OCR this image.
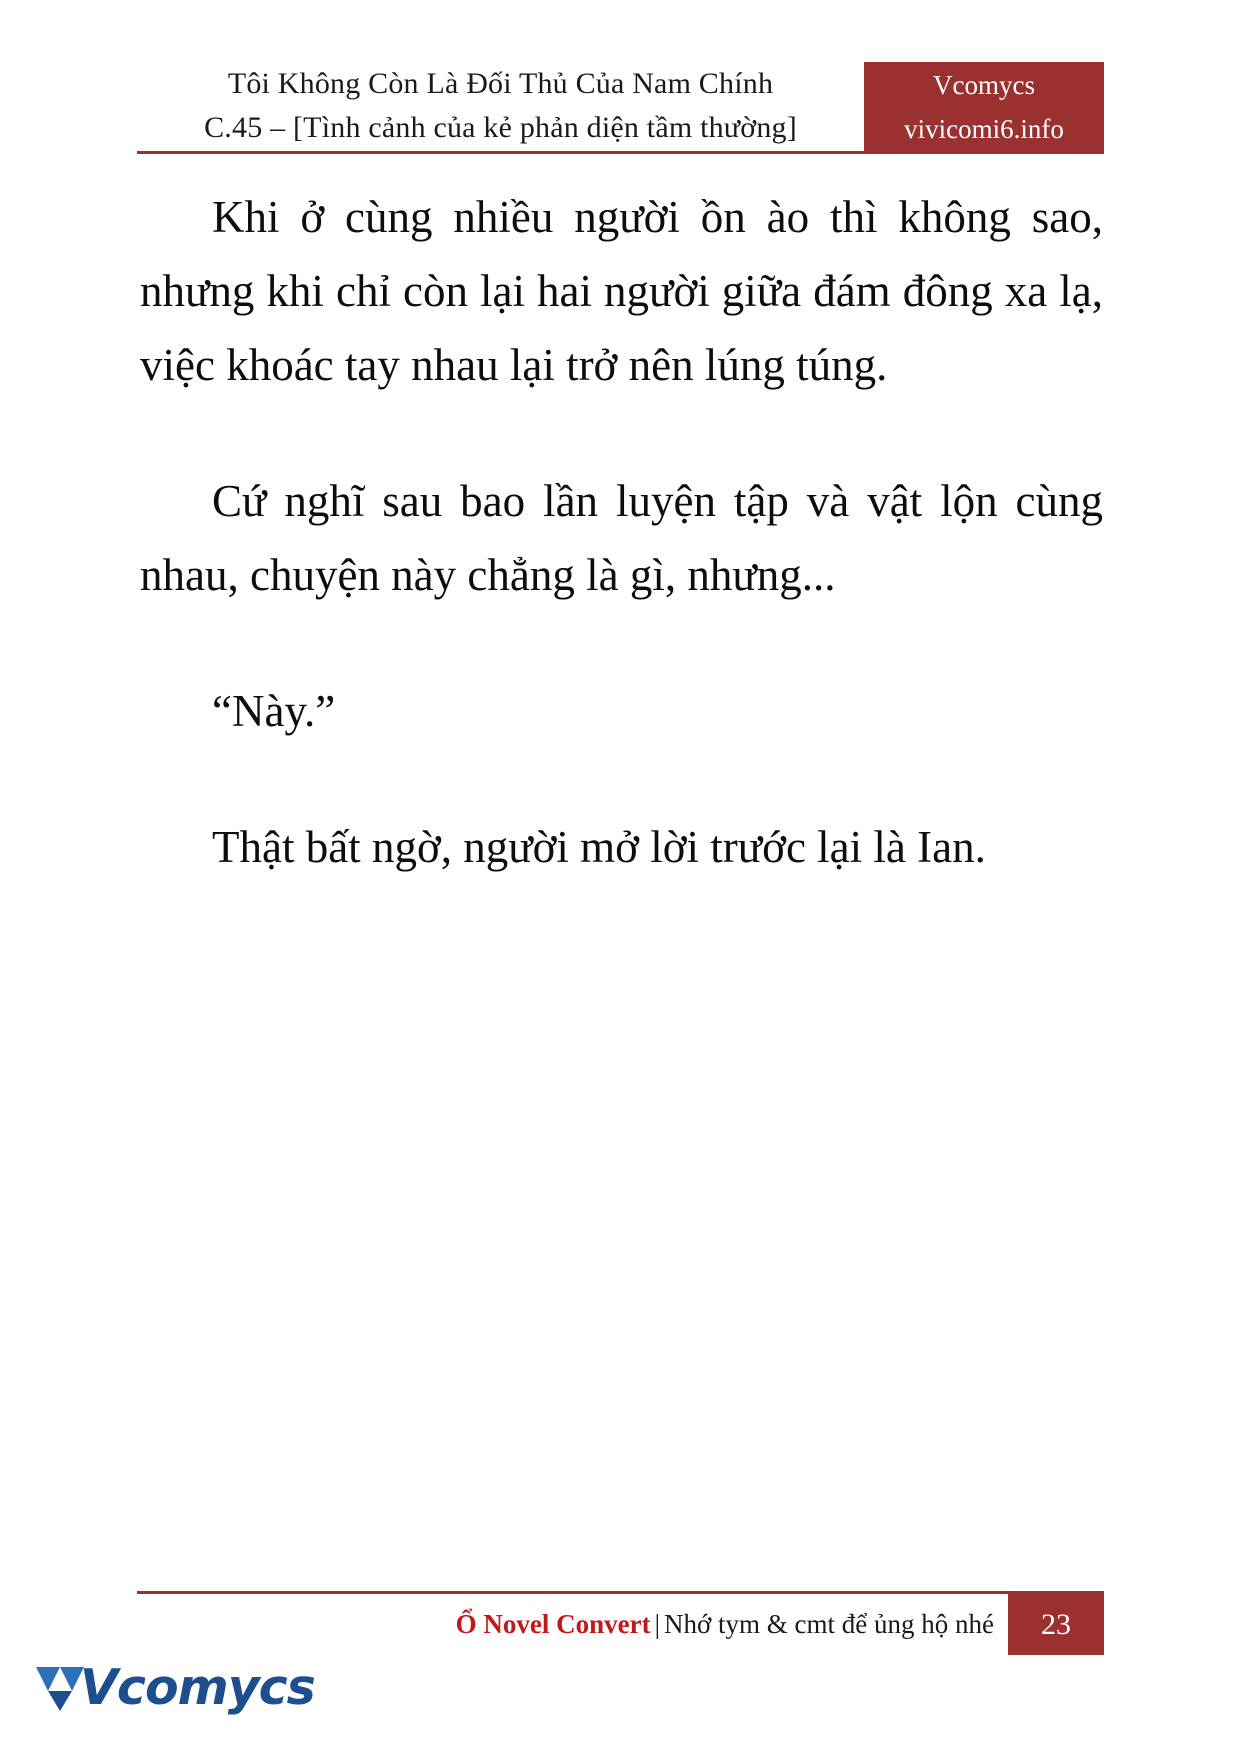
Tôi Không Còn Là Đối Thủ Của Nam Chính
C.45 – [Tình cảnh của kẻ phản diện tầm thường]
Vcomycs
vivicomi6.info

Khi ở cùng nhiều người ồn ào thì không sao, nhưng khi chỉ còn lại hai người giữa đám đông xa lạ, việc khoác tay nhau lại trở nên lúng túng.

Cứ nghĩ sau bao lần luyện tập và vật lộn cùng nhau, chuyện này chẳng là gì, nhưng...

“Này.”

Thật bất ngờ, người mở lời trước lại là Ian.

Ổ Novel Convert | Nhớ tym & cmt để ủng hộ nhé	23
Vcomycs
